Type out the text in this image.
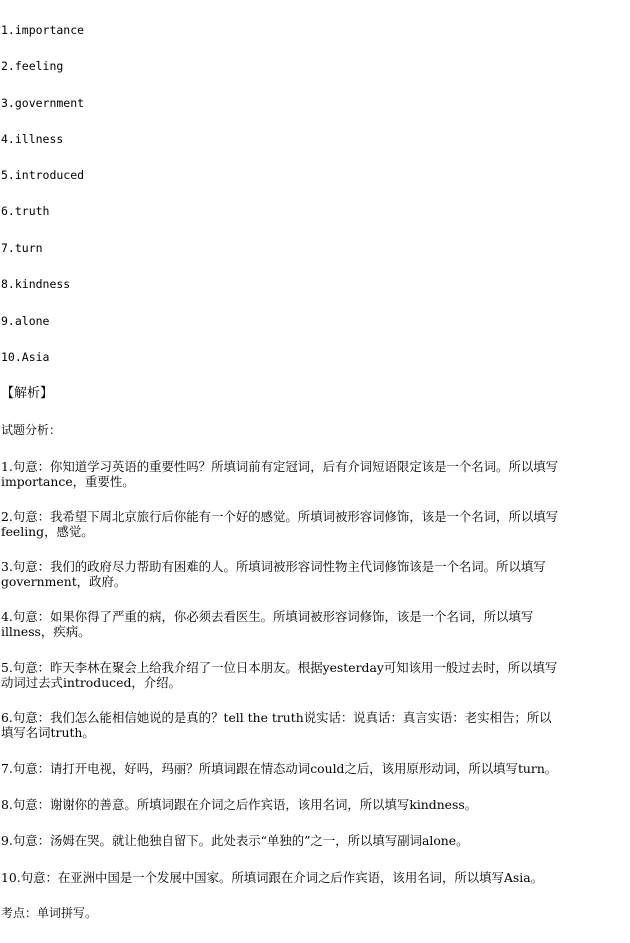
1.importance
2.feeling
3.government
4.illness
5.introduced
6.truth
7.turn
8.kindness
9.alone
10.Asia
【解析】
试题分析：
1.句意：你知道学习英语的重要性吗？所填词前有定冠词，后有介词短语限定该是一个名词。所以填写
importance，重要性。
2.句意：我希望下周北京旅行后你能有一个好的感觉。所填词被形容词修饰，该是一个名词，所以填写
feeling，感觉。
3.句意：我们的政府尽力帮助有困难的人。所填词被形容词性物主代词修饰该是一个名词。所以填写
government，政府。
4.句意：如果你得了严重的病，你必须去看医生。所填词被形容词修饰，该是一个名词，所以填写
illness，疾病。
5.句意：昨天李林在聚会上给我介绍了一位日本朋友。根据yesterday可知该用一般过去时，所以填写
动词过去式introduced，介绍。
6.句意：我们怎么能相信她说的是真的？tell the truth说实话：说真话：真言实语：老实相告；所以
填写名词truth。
7.句意：请打开电视，好吗，玛丽？所填词跟在情态动词could之后，该用原形动词，所以填写turn。
8.句意：谢谢你的善意。所填词跟在介词之后作宾语，该用名词，所以填写kindness。
9.句意：汤姆在哭。就让他独自留下。此处表示“单独的”之一，所以填写副词alone。
10.句意：在亚洲中国是一个发展中国家。所填词跟在介词之后作宾语，该用名词，所以填写Asia。
考点：单词拼写。
